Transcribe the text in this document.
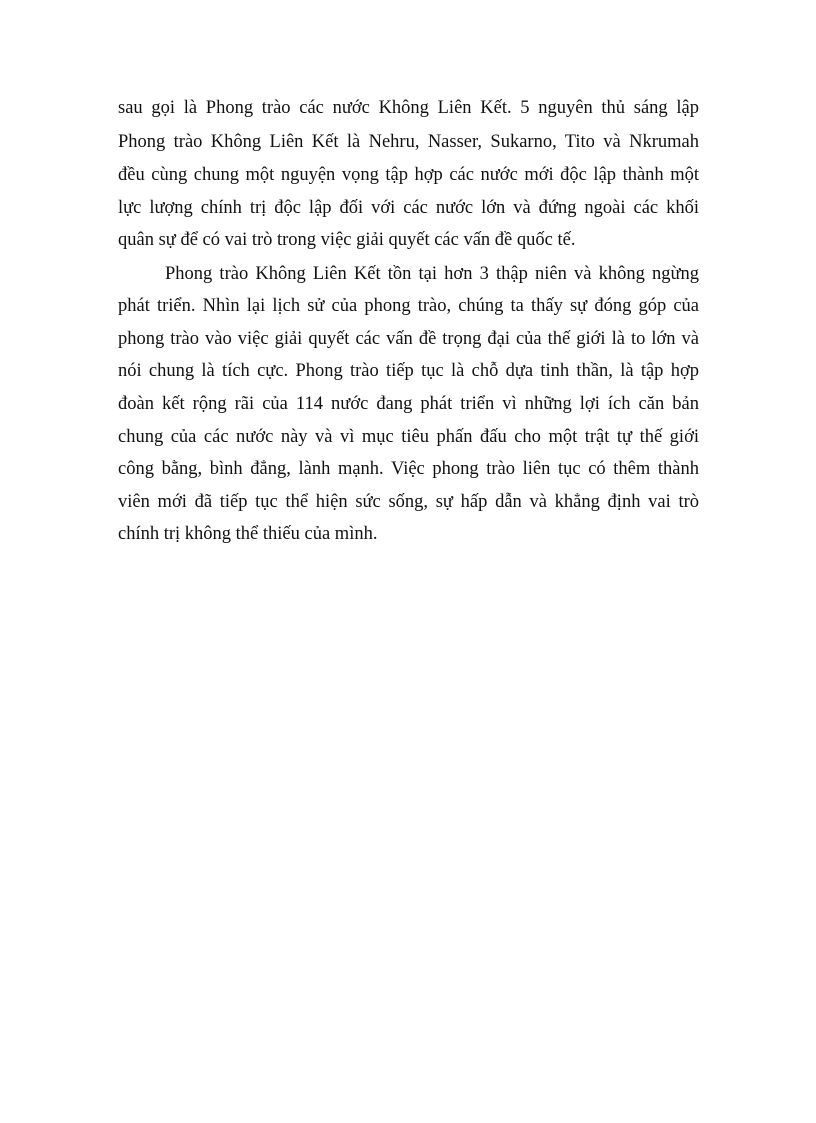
sau gọi là Phong trào các nước Không Liên Kết. 5 nguyên thủ sáng lập
Phong trào Không Liên Kết là Nehru, Nasser, Sukarno, Tito và Nkrumah
đều cùng chung một nguyện vọng tập hợp các nước mới độc lập thành một
lực lượng chính trị độc lập đối với các nước lớn và đứng ngoài các khối
quân sự để có vai trò trong việc giải quyết các vấn đề quốc tế.
Phong trào Không Liên Kết tồn tại hơn 3 thập niên và không ngừng
phát triển. Nhìn lại lịch sử của phong trào, chúng ta thấy sự đóng góp của
phong trào vào việc giải quyết các vấn đề trọng đại của thế giới là to lớn và
nói chung là tích cực. Phong trào tiếp tục là chỗ dựa tinh thần, là tập hợp
đoàn kết rộng rãi của 114 nước đang phát triển vì những lợi ích căn bản
chung của các nước này và vì mục tiêu phấn đấu cho một trật tự thế giới
công bằng, bình đẳng, lành mạnh. Việc phong trào liên tục có thêm thành
viên mới đã tiếp tục thể hiện sức sống, sự hấp dẫn và khẳng định vai trò
chính trị không thể thiếu của mình.
